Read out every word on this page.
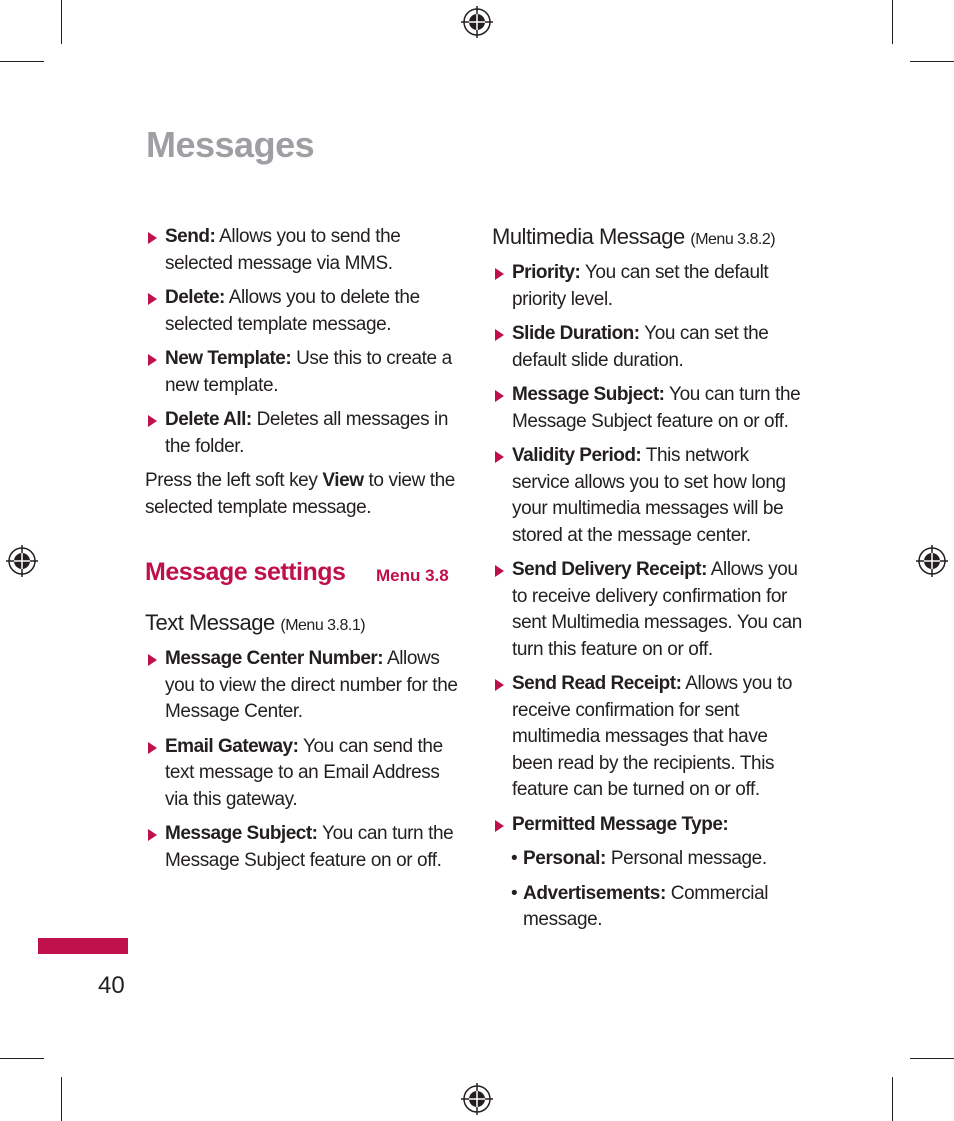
Messages
Send: Allows you to send the selected message via MMS.
Delete: Allows you to delete the selected template message.
New Template: Use this to create a new template.
Delete All: Deletes all messages in the folder.
Press the left soft key View to view the selected template message.
Message settings Menu 3.8
Text Message (Menu 3.8.1)
Message Center Number: Allows you to view the direct number for the Message Center.
Email Gateway: You can send the text message to an Email Address via this gateway.
Message Subject: You can turn the Message Subject feature on or off.
Multimedia Message (Menu 3.8.2)
Priority: You can set the default priority level.
Slide Duration: You can set the default slide duration.
Message Subject: You can turn the Message Subject feature on or off.
Validity Period: This network service allows you to set how long your multimedia messages will be stored at the message center.
Send Delivery Receipt: Allows you to receive delivery confirmation for sent Multimedia messages. You can turn this feature on or off.
Send Read Receipt: Allows you to receive confirmation for sent multimedia messages that have been read by the recipients. This feature can be turned on or off.
Permitted Message Type:
• Personal: Personal message.
• Advertisements: Commercial message.
40
